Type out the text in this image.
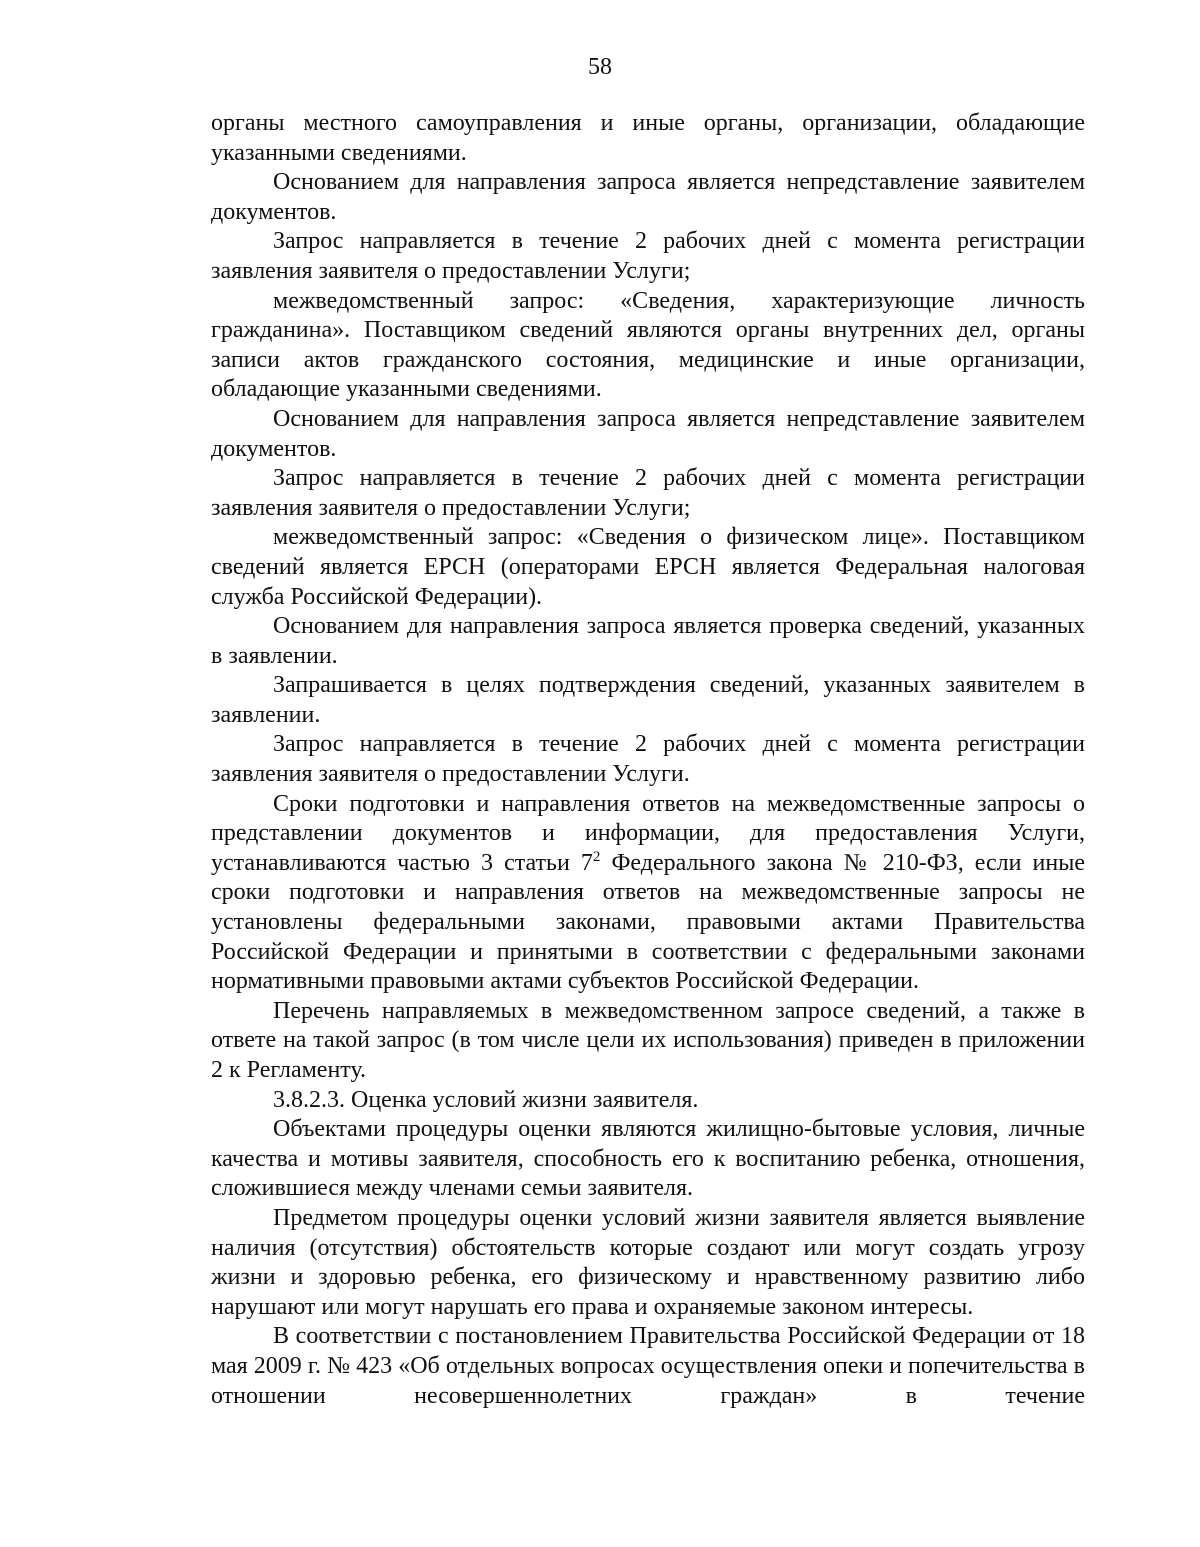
58

органы местного самоуправления и иные органы, организации, обладающие указанными сведениями.

Основанием для направления запроса является непредставление заявителем документов.

Запрос направляется в течение 2 рабочих дней с момента регистрации заявления заявителя о предоставлении Услуги;

межведомственный запрос: «Сведения, характеризующие личность гражданина». Поставщиком сведений являются органы внутренних дел, органы записи актов гражданского состояния, медицинские и иные организации, обладающие указанными сведениями.

Основанием для направления запроса является непредставление заявителем документов.

Запрос направляется в течение 2 рабочих дней с момента регистрации заявления заявителя о предоставлении Услуги;

межведомственный запрос: «Сведения о физическом лице». Поставщиком сведений является ЕРСН (операторами ЕРСН является Федеральная налоговая служба Российской Федерации).

Основанием для направления запроса является проверка сведений, указанных в заявлении.

Запрашивается в целях подтверждения сведений, указанных заявителем в заявлении.

Запрос направляется в течение 2 рабочих дней с момента регистрации заявления заявителя о предоставлении Услуги.

Сроки подготовки и направления ответов на межведомственные запросы о представлении документов и информации, для предоставления Услуги, устанавливаются частью 3 статьи $7^2$ Федерального закона № 210-ФЗ, если иные сроки подготовки и направления ответов на межведомственные запросы не установлены федеральными законами, правовыми актами Правительства Российской Федерации и принятыми в соответствии с федеральными законами нормативными правовыми актами субъектов Российской Федерации.

Перечень направляемых в межведомственном запросе сведений, а также в ответе на такой запрос (в том числе цели их использования) приведен в приложении 2 к Регламенту.

3.8.2.3. Оценка условий жизни заявителя.

Объектами процедуры оценки являются жилищно-бытовые условия, личные качества и мотивы заявителя, способность его к воспитанию ребенка, отношения, сложившиеся между членами семьи заявителя.

Предметом процедуры оценки условий жизни заявителя является выявление наличия (отсутствия) обстоятельств которые создают или могут создать угрозу жизни и здоровью ребенка, его физическому и нравственному развитию либо нарушают или могут нарушать его права и охраняемые законом интересы.

В соответствии с постановлением Правительства Российской Федерации от 18 мая 2009 г. № 423 «Об отдельных вопросах осуществления опеки и попечительства в отношении несовершеннолетних граждан» в течение
